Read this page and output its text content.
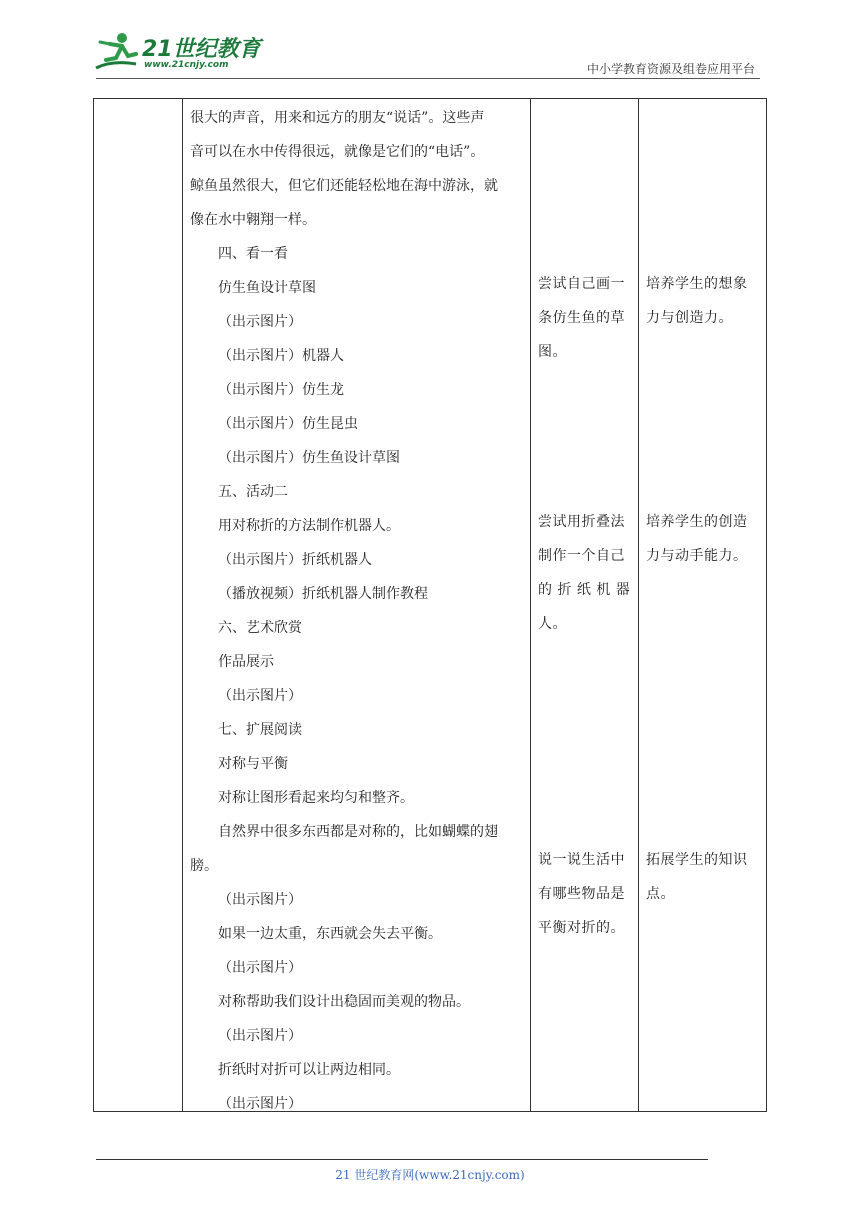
21世纪教育
www.21cnjy.com	中小学教育资源及组卷应用平台

很大的声音，用来和远方的朋友“说话”。这些声

音可以在水中传得很远，就像是它们的“电话”。

鲸鱼虽然很大，但它们还能轻松地在海中游泳，就

像在水中翱翔一样。

四、看一看

仿生鱼设计草图

（出示图片）

（出示图片）机器人

（出示图片）仿生龙

（出示图片）仿生昆虫

（出示图片）仿生鱼设计草图

五、活动二

用对称折的方法制作机器人。

（出示图片）折纸机器人

（播放视频）折纸机器人制作教程

六、艺术欣赏

作品展示

（出示图片）

七、扩展阅读

对称与平衡

对称让图形看起来均匀和整齐。

自然界中很多东西都是对称的，比如蝴蝶的翅

膀。

（出示图片）

如果一边太重，东西就会失去平衡。

（出示图片）

对称帮助我们设计出稳固而美观的物品。

（出示图片）

折纸时对折可以让两边相同。

（出示图片）

尝试自己画一

条仿生鱼的草

图。

尝试用折叠法

制作一个自己

的 折 纸 机 器

人。

说一说生活中

有哪些物品是

平衡对折的。

培养学生的想象

力与创造力。

培养学生的创造

力与动手能力。

拓展学生的知识

点。

21 世纪教育网(www.21cnjy.com)
